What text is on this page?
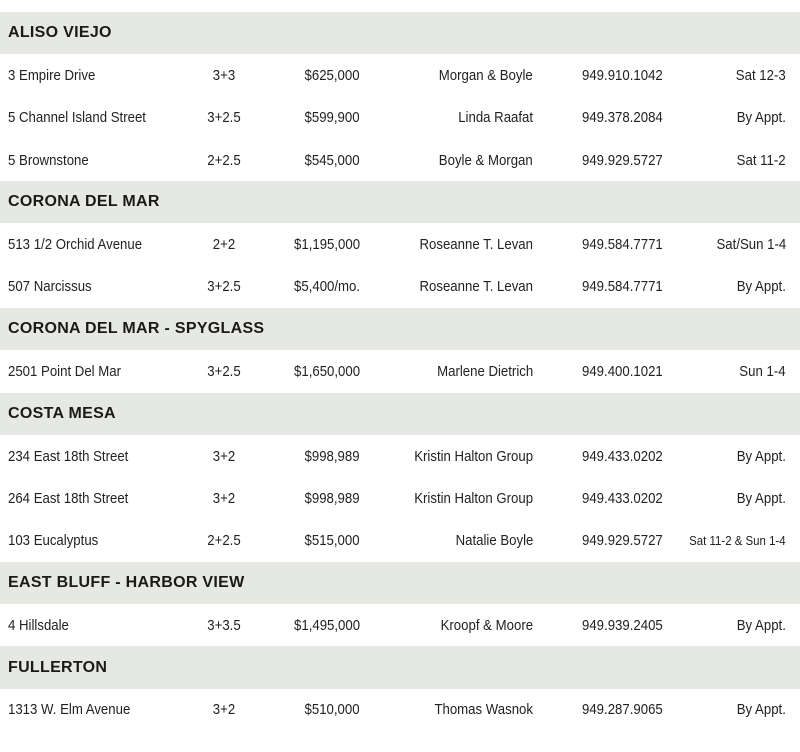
ALISO VIEJO
3 Empire Drive	3+3	$625,000	Morgan & Boyle	949.910.1042	Sat 12-3
5 Channel Island Street	3+2.5	$599,900	Linda Raafat	949.378.2084	By Appt.
5 Brownstone	2+2.5	$545,000	Boyle & Morgan	949.929.5727	Sat 11-2
CORONA DEL MAR
513 1/2 Orchid Avenue	2+2	$1,195,000	Roseanne T. Levan	949.584.7771	Sat/Sun 1-4
507 Narcissus	3+2.5	$5,400/mo.	Roseanne T. Levan	949.584.7771	By Appt.
CORONA DEL MAR - SPYGLASS
2501 Point Del Mar	3+2.5	$1,650,000	Marlene Dietrich	949.400.1021	Sun 1-4
COSTA MESA
234 East 18th Street	3+2	$998,989	Kristin Halton Group	949.433.0202	By Appt.
264 East 18th Street	3+2	$998,989	Kristin Halton Group	949.433.0202	By Appt.
103 Eucalyptus	2+2.5	$515,000	Natalie Boyle	949.929.5727 Sat 11-2 & Sun 1-4
EAST BLUFF - HARBOR VIEW
4 Hillsdale	3+3.5	$1,495,000	Kroopf & Moore	949.939.2405	By Appt.
FULLERTON
1313 W. Elm Avenue	3+2	$510,000	Thomas Wasnok	949.287.9065	By Appt.
